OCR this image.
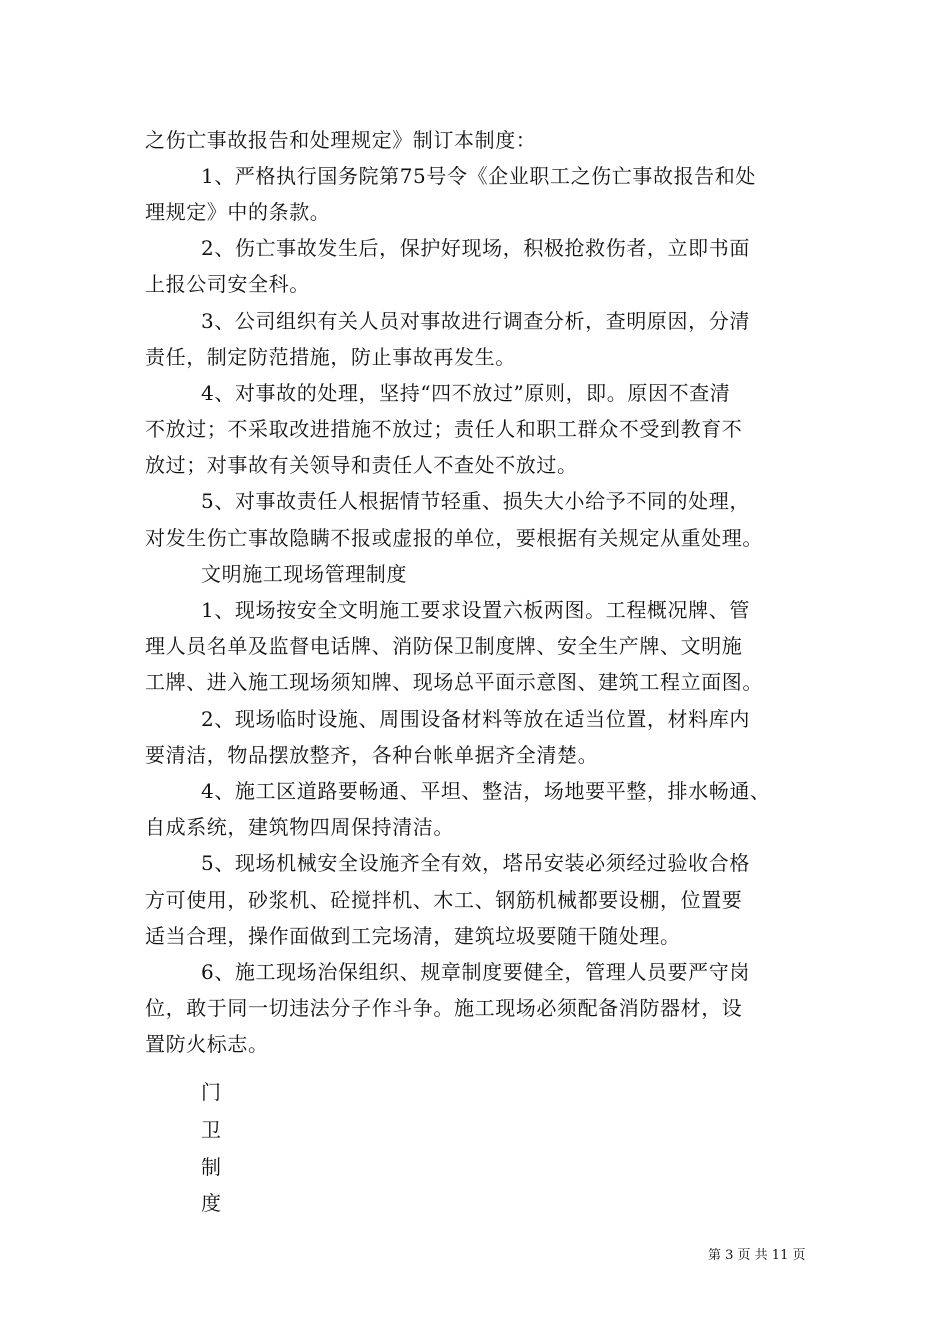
之伤亡事故报告和处理规定》制订本制度：
1、严格执行国务院第75号令《企业职工之伤亡事故报告和处
理规定》中的条款。
2、伤亡事故发生后，保护好现场，积极抢救伤者，立即书面
上报公司安全科。
3、公司组织有关人员对事故进行调查分析，查明原因，分清
责任，制定防范措施，防止事故再发生。
4、对事故的处理，坚持“四不放过”原则，即。原因不查清
不放过；不采取改进措施不放过；责任人和职工群众不受到教育不
放过；对事故有关领导和责任人不查处不放过。
5、对事故责任人根据情节轻重、损失大小给予不同的处理，
对发生伤亡事故隐瞒不报或虚报的单位，要根据有关规定从重处理。
文明施工现场管理制度
1、现场按安全文明施工要求设置六板两图。工程概况牌、管
理人员名单及监督电话牌、消防保卫制度牌、安全生产牌、文明施
工牌、进入施工现场须知牌、现场总平面示意图、建筑工程立面图。
2、现场临时设施、周围设备材料等放在适当位置，材料库内
要清洁，物品摆放整齐，各种台帐单据齐全清楚。
4、施工区道路要畅通、平坦、整洁，场地要平整，排水畅通、
自成系统，建筑物四周保持清洁。
5、现场机械安全设施齐全有效，塔吊安装必须经过验收合格
方可使用，砂浆机、砼搅拌机、木工、钢筋机械都要设棚，位置要
适当合理，操作面做到工完场清，建筑垃圾要随干随处理。
6、施工现场治保组织、规章制度要健全，管理人员要严守岗
位，敢于同一切违法分子作斗争。施工现场必须配备消防器材，设
置防火标志。
门
卫
制
度
第 3 页 共 11 页
